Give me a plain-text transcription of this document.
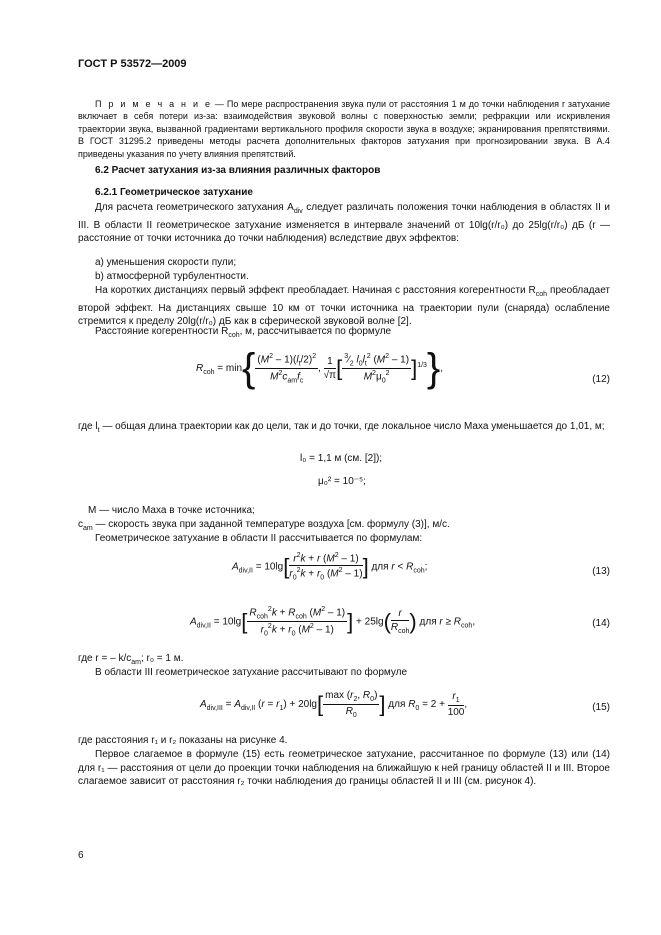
ГОСТ Р 53572—2009
П р и м е ч а н и е — По мере распространения звука пули от расстояния 1 м до точки наблюдения r затухание включает в себя потери из-за: взаимодействия звуковой волны с поверхностью земли; рефракции или искривления траектории звука, вызванной градиентами вертикального профиля скорости звука в воздухе; экранирования препятствиями. В ГОСТ 31295.2 приведены методы расчета дополнительных факторов затухания при прогнозировании звука. В А.4 приведены указания по учету влияния препятствий.
6.2 Расчет затухания из-за влияния различных факторов
6.2.1 Геометрическое затухание
Для расчета геометрического затухания $A_{div}$ следует различать положения точки наблюдения в областях II и III. В области II геометрическое затухание изменяется в интервале значений от 10lg(r/r₀) до 25lg(r/r₀) дБ (r — расстояние от точки источника до точки наблюдения) вследствие двух эффектов:
a) уменьшения скорости пули;
b) атмосферной турбулентности.
На коротких дистанциях первый эффект преобладает. Начиная с расстояния когерентности $R_{coh}$ преобладает второй эффект. На дистанциях свыше 10 км от точки источника на траектории пули (снаряда) ослабление стремится к пределу 20lg(r/r₀) дБ как в сферической звуковой волне [2].
Расстояние когерентности $R_{coh}$, м, рассчитывается по формуле
$R_{coh} = \min\{ \frac{(M^2 - 1)(l_t/2)^2}{M^2c_{am}f_c}$ , $\frac{1}{√\pi}$ [ $\frac{^3⁄_2 l_0l_t^2 (M^2 - 1)}{M^2\mu_0^2} ]^{1/3}$},
(12)
где $l_t$ — общая длина траектории как до цели, так и до точки, где локальное число Маха уменьшается до 1,01, м;
l₀ = 1,1 м (см. [2]);
μ₀² = 10⁻⁵;
M — число Маха в точке источника;
$c_{am}$ — скорость звука при заданной температуре воздуха [см. формулу (3)], м/с.
Геометрическое затухание в области II рассчитывается по формулам:
$A_{div,II} = 10\lg[ \frac{r^2k + r (M^2 - 1)}{r_0^2k + r_0 (M^2 - 1)}$ ] для $r < R_{coh}$;	(13)
$A_{div,II} = 10\lg[ \frac{R_{coh}^2k + R_{coh} (M^2 - 1)}{r_0^2k + r_0 (M^2 - 1)}$ ] + $25\lg( \frac{r}{R_{coh}}$ ) для $r \ge R_{coh}$,	(14)
где r = – $k/c_{am}$; r₀ = 1 м.
В области III геометрическое затухание рассчитывают по формуле
$A_{div,III} = A_{div,II}$ $(r = r_1) + 20\lg[ \frac{\max (r_2, R_0)}{R_0}$ ] для $R_0 = 2 + \frac{r_1}{100}$ ,	(15)
где расстояния r₁ и r₂ показаны на рисунке 4.
Первое слагаемое в формуле (15) есть геометрическое затухание, рассчитанное по формуле (13) или (14) для r₁ — расстояния от цели до проекции точки наблюдения на ближайшую к ней границу областей II и III. Второе слагаемое зависит от расстояния r₂ точки наблюдения до границы областей II и III (см. рисунок 4).
6
